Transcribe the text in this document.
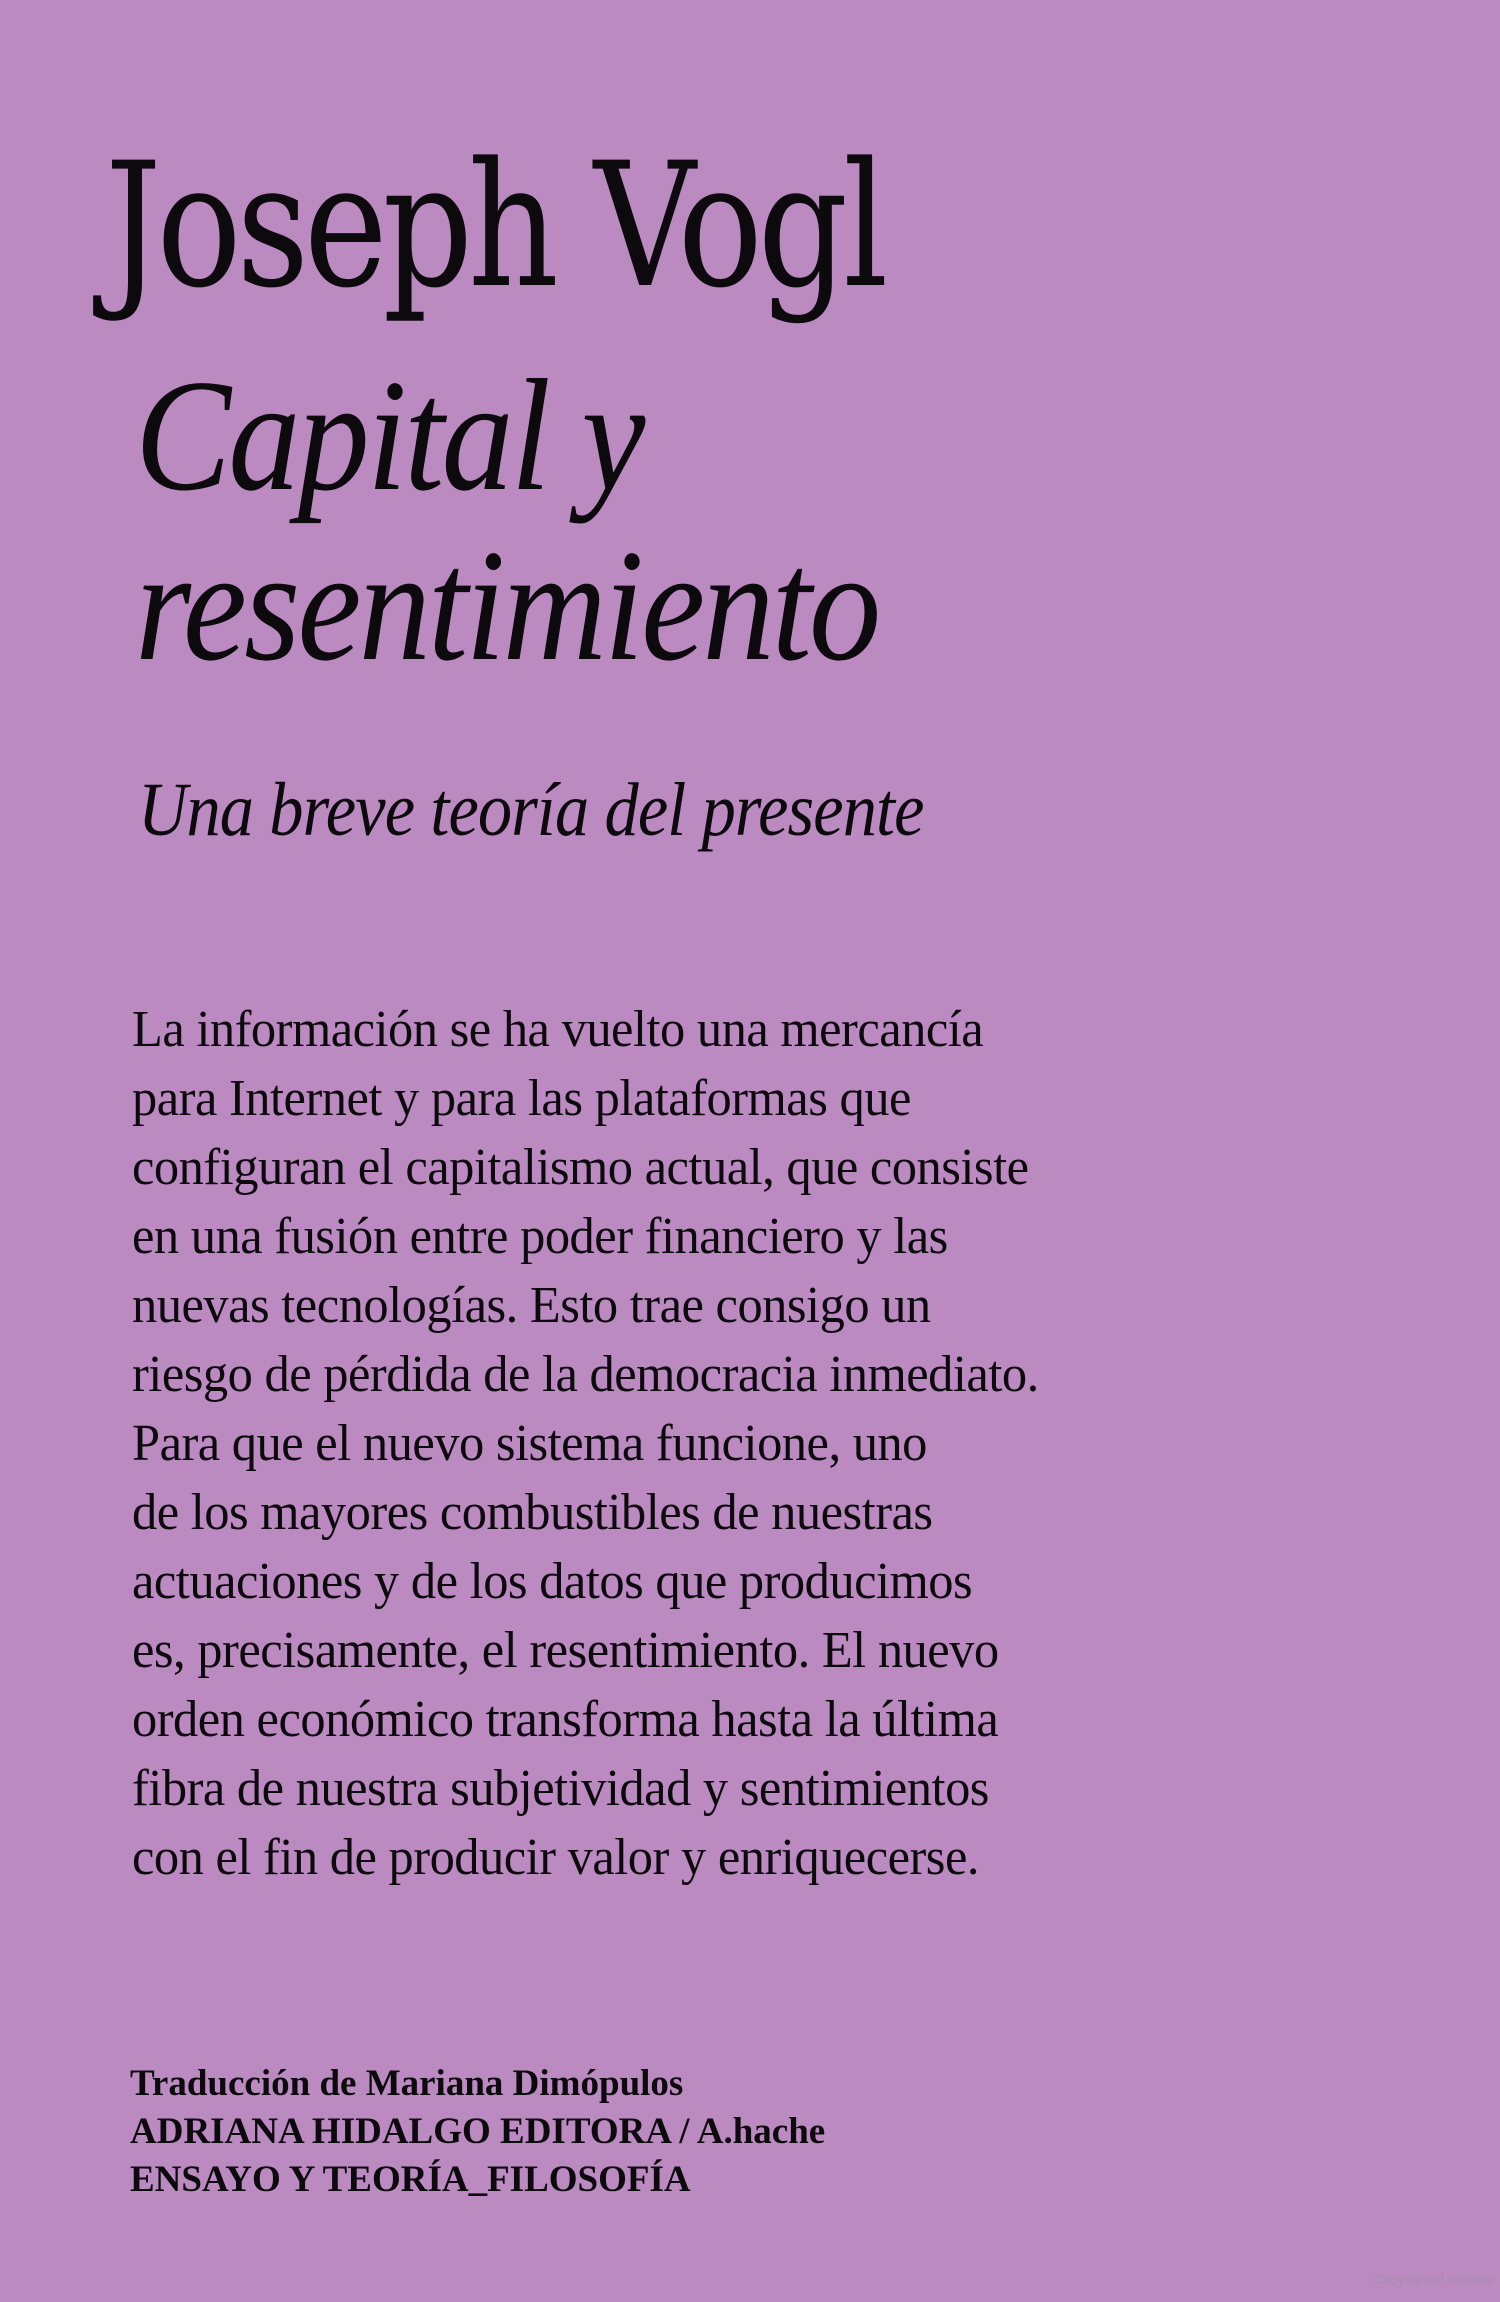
Joseph Vogl
Capital y
resentimiento
Una breve teoría del presente
La información se ha vuelto una mercancía
para Internet y para las plataformas que
configuran el capitalismo actual, que consiste
en una fusión entre poder financiero y las
nuevas tecnologías. Esto trae consigo un
riesgo de pérdida de la democracia inmediato.
Para que el nuevo sistema funcione, uno
de los mayores combustibles de nuestras
actuaciones y de los datos que producimos
es, precisamente, el resentimiento. El nuevo
orden económico transforma hasta la última
fibra de nuestra subjetividad y sentimientos
con el fin de producir valor y enriquecerse.
Traducción de Mariana Dimópulos
ADRIANA HIDALGO EDITORA / A.hache
ENSAYO Y TEORÍA_FILOSOFÍA
Copyrighted material
